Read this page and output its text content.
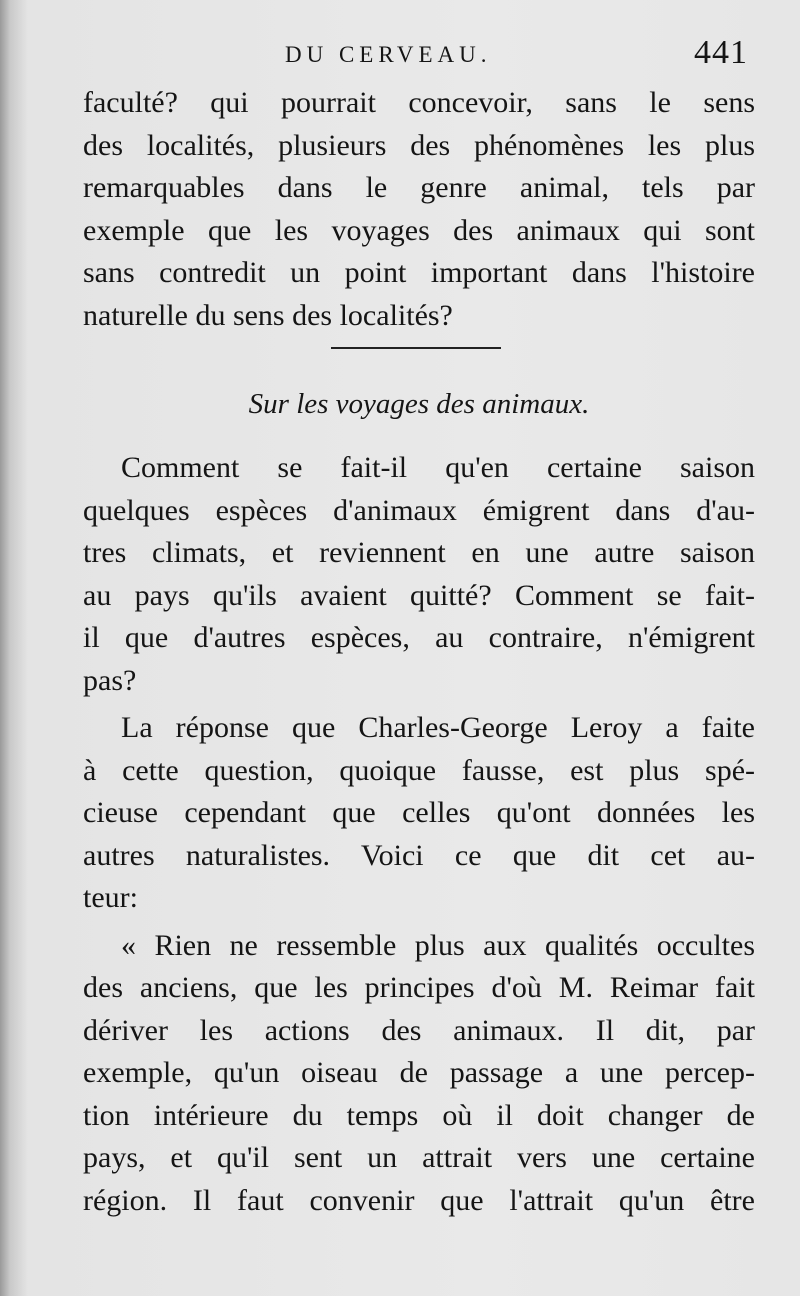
DU CERVEAU.	441
faculté? qui pourrait concevoir, sans le sens
des localités, plusieurs des phénomènes les plus
remarquables dans le genre animal, tels par
exemple que les voyages des animaux qui sont
sans contredit un point important dans l'histoire
naturelle du sens des localités?
Sur les voyages des animaux.
Comment se fait-il qu'en certaine saison
quelques espèces d'animaux émigrent dans d'au-
tres climats, et reviennent en une autre saison
au pays qu'ils avaient quitté? Comment se fait-
il que d'autres espèces, au contraire, n'émigrent
pas?
La réponse que Charles-George Leroy a faite
à cette question, quoique fausse, est plus spé-
cieuse cependant que celles qu'ont données les
autres naturalistes. Voici ce que dit cet au-
teur:
« Rien ne ressemble plus aux qualités occultes
des anciens, que les principes d'où M. Reimar fait
dériver les actions des animaux. Il dit, par
exemple, qu'un oiseau de passage a une percep-
tion intérieure du temps où il doit changer de
pays, et qu'il sent un attrait vers une certaine
région. Il faut convenir que l'attrait qu'un être
